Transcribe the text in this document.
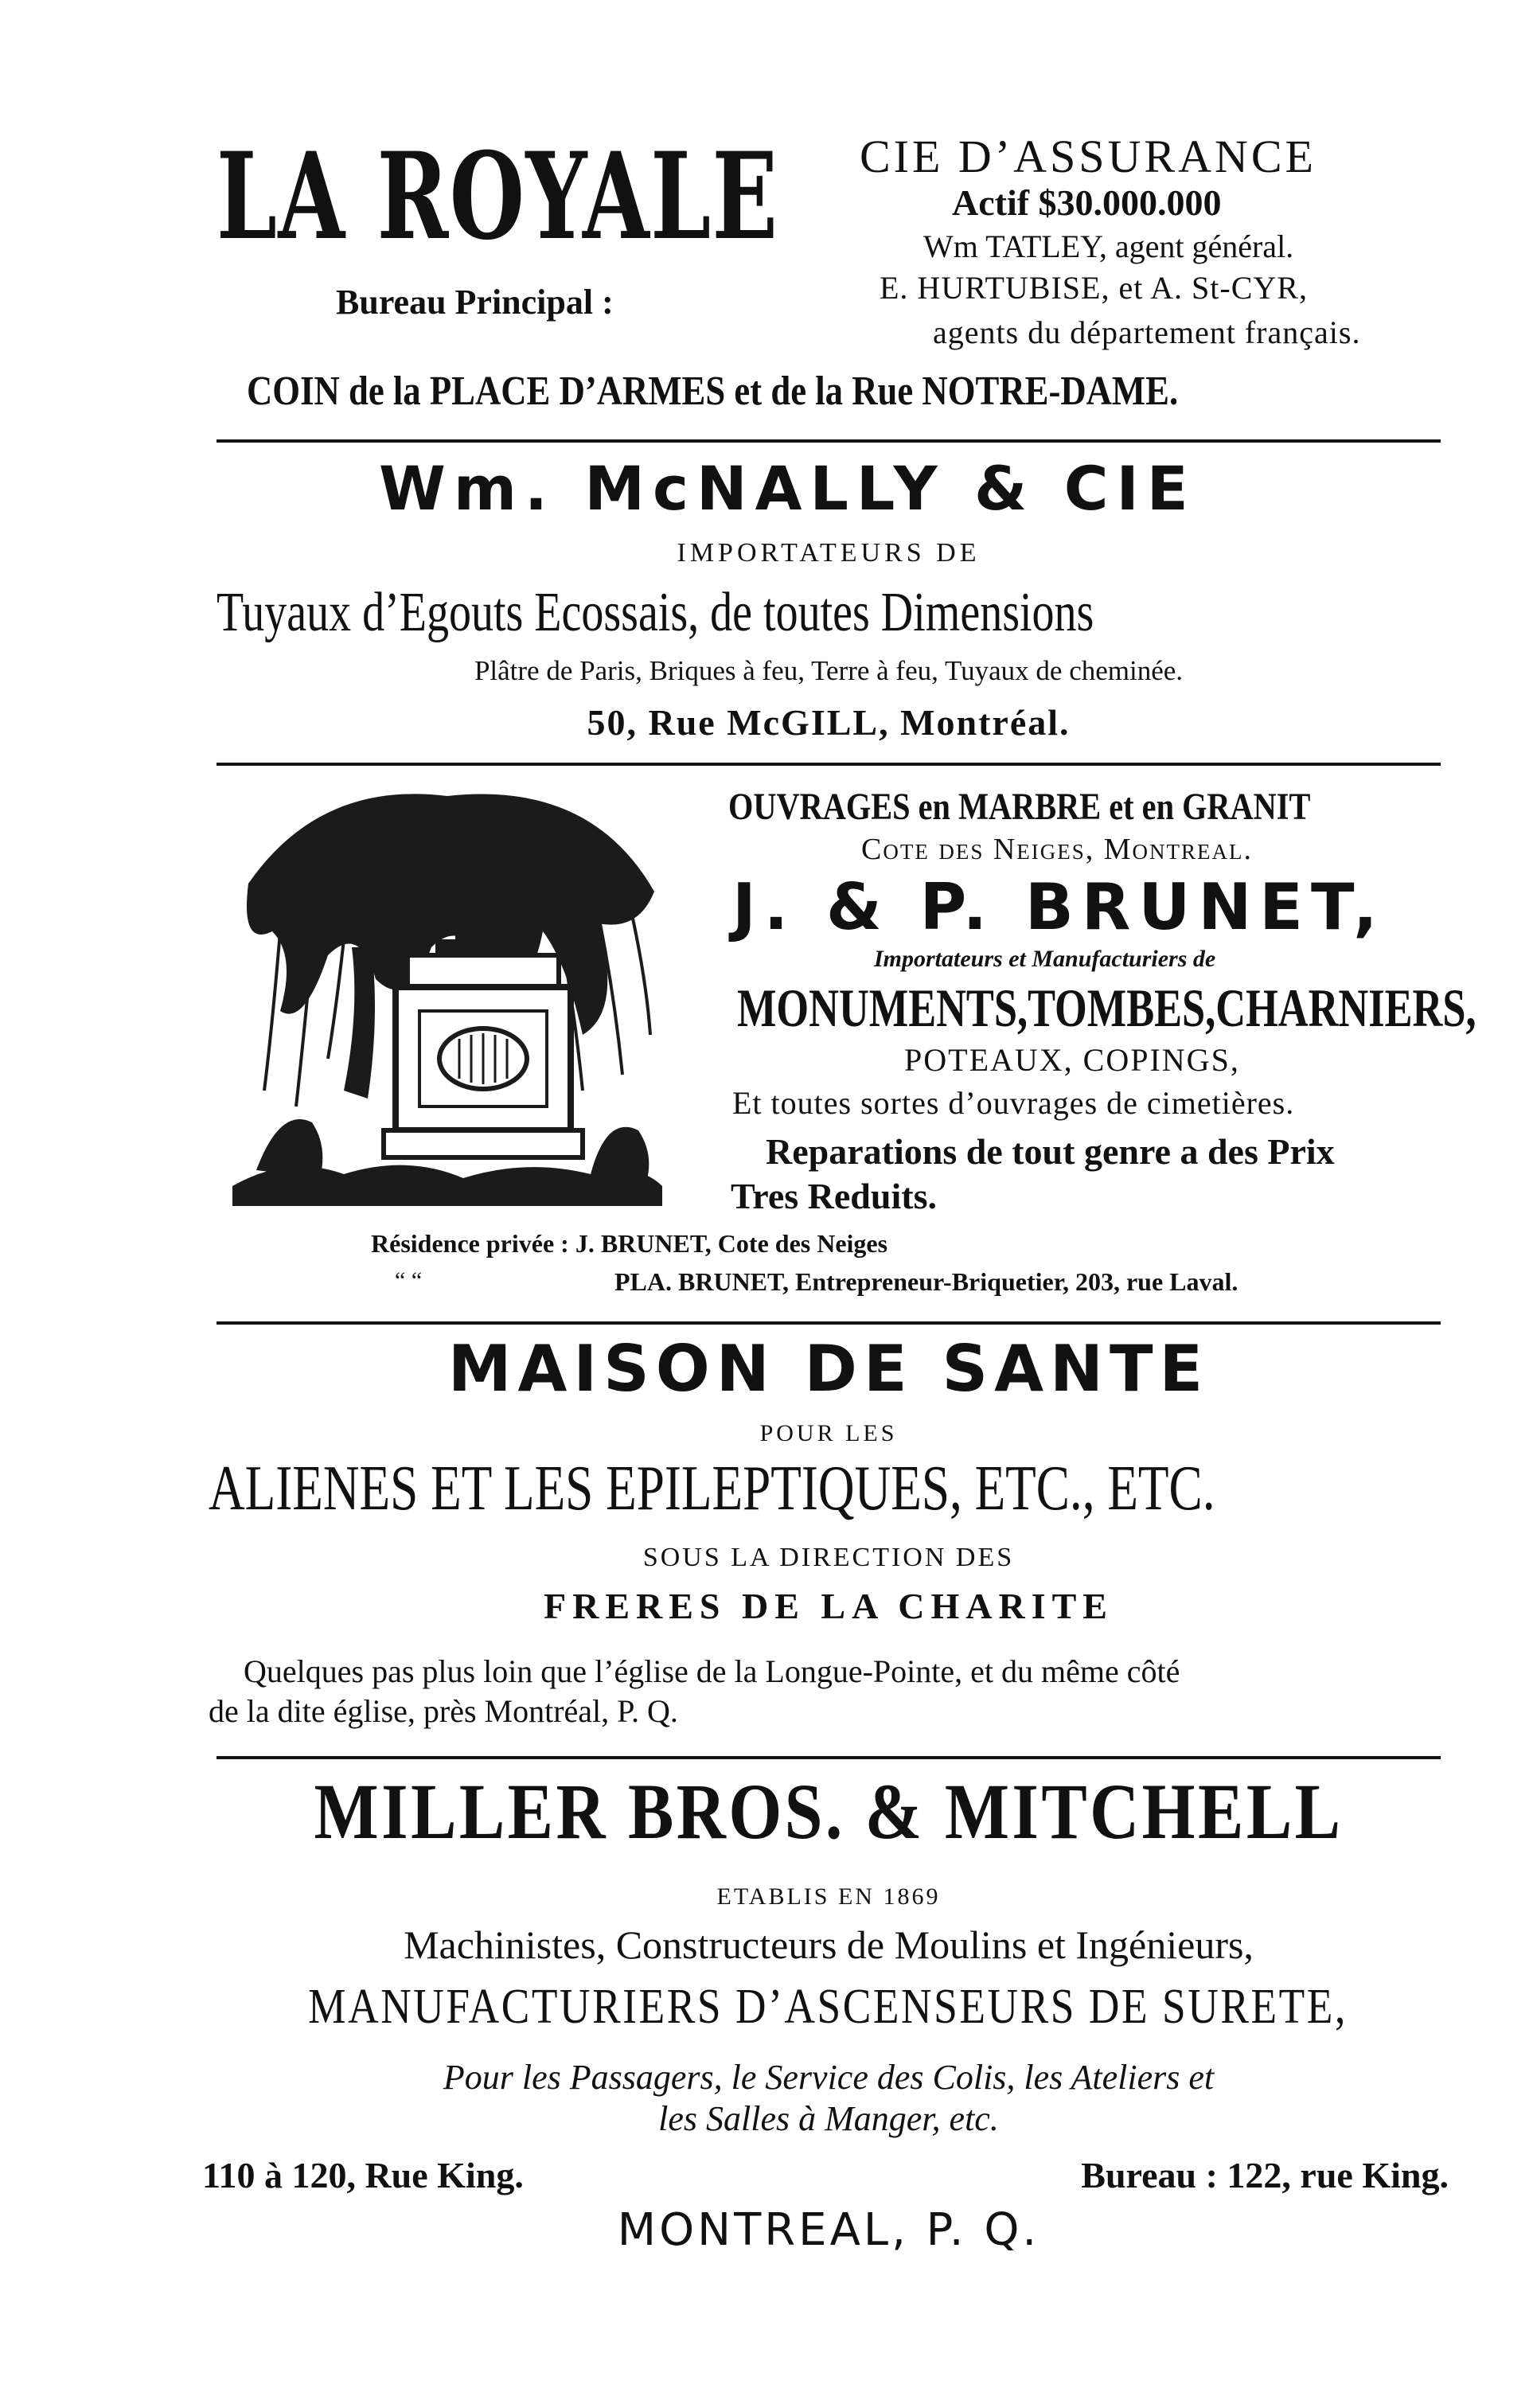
LA ROYALE CIE D’ASSURANCE
Actif $30.000.000
Wm TATLEY, agent général.
E. HURTUBISE, et A. St-CYR,
agents du département français.
Bureau Principal :
COIN de la PLACE D’ARMES et de la Rue NOTRE-DAME.
Wm. McNALLY & CIE
IMPORTATEURS DE
Tuyaux d’Egouts Ecossais, de toutes Dimensions
Plâtre de Paris, Briques à feu, Terre à feu, Tuyaux de cheminée.
50, Rue McGILL, Montréal.
OUVRAGES en MARBRE et en GRANIT
Cote des Neiges, Montreal.
J. & P. BRUNET,
Importateurs et Manufacturiers de
MONUMENTS,TOMBES,CHARNIERS,
POTEAUX, COPINGS,
Et toutes sortes d’ouvrages de cimetières.
Reparations de tout genre a des Prix
Tres Reduits.
Résidence privée : J. BRUNET, Cote des Neiges
“ “	PLA. BRUNET, Entrepreneur-Briquetier, 203, rue Laval.
MAISON DE SANTE
POUR LES
ALIENES ET LES EPILEPTIQUES, ETC., ETC.
SOUS LA DIRECTION DES
FRERES DE LA CHARITE
Quelques pas plus loin que l’église de la Longue-Pointe, et du même côté
de la dite église, près Montréal, P. Q.
MILLER BROS. & MITCHELL
ETABLIS EN 1869
Machinistes, Constructeurs de Moulins et Ingénieurs,
MANUFACTURIERS D’ASCENSEURS DE SURETE,
Pour les Passagers, le Service des Colis, les Ateliers et
les Salles à Manger, etc.
110 à 120, Rue King.	Bureau : 122, rue King.
MONTREAL, P. Q.
